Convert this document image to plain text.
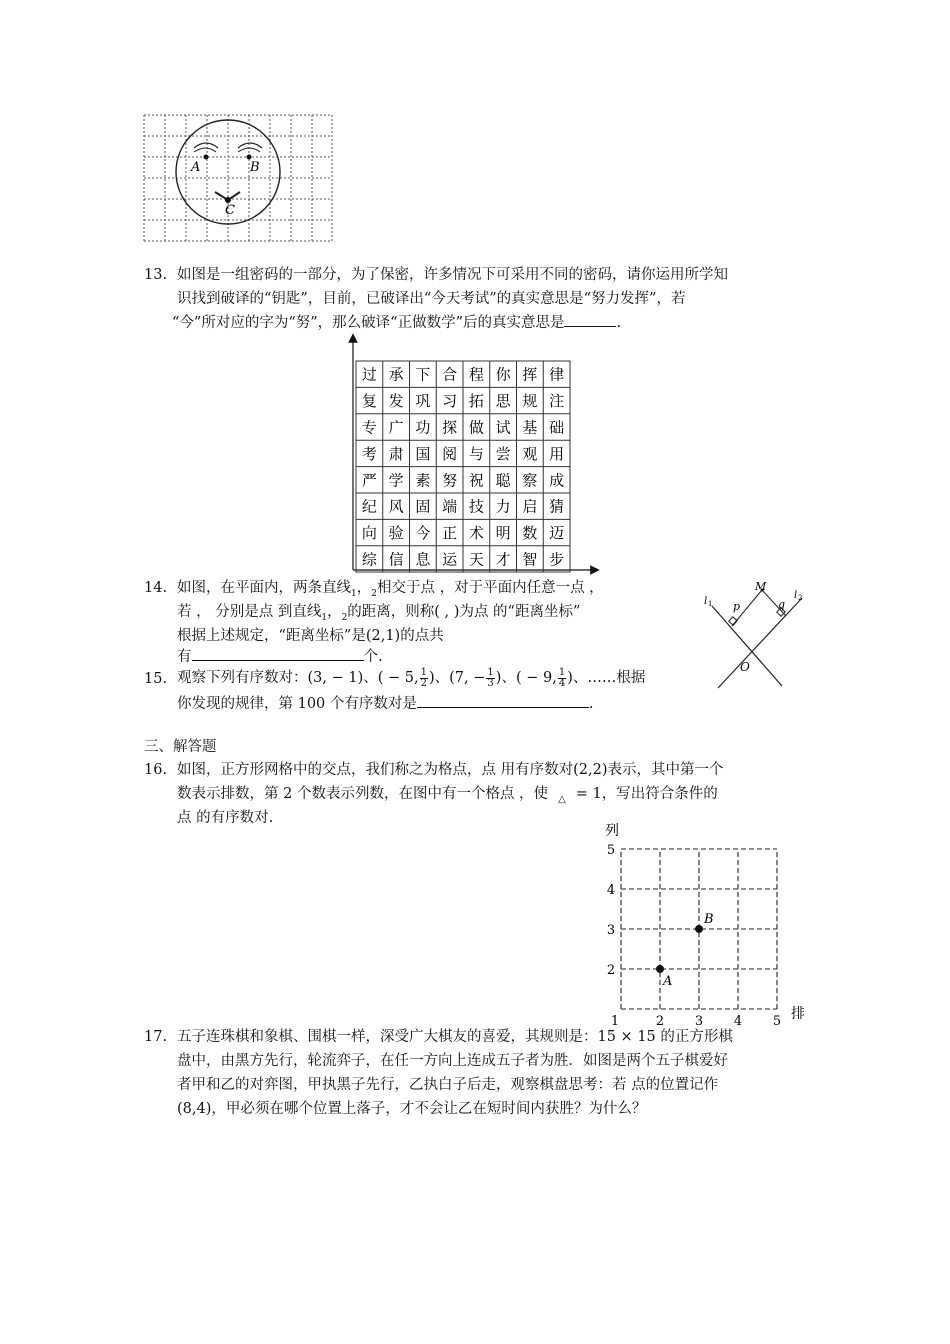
A	B
C
13. 如图是一组密码的一部分，为了保密，许多情况下可采用不同的密码，请你运用所学知
识找到破译的“钥匙”，目前，已破译出“今天考试”的真实意思是“努力发挥”，若
“今”所对应的字为“努”，那么破译“正做数学”后的真实意思是	.
过 承 下 合 程 你 挥 律
复 发 巩 习 拓 思 规 注
专 广 功 探 做 试 基 础
考 肃 国 阅 与 尝 观 用
严 学 素 努 祝 聪 察 成
纪 风 固 端 技 力 启 猜
向 验 今 正 术 明 数 迈
综 信 息 运 天 才 智 步
14. 如图，在平面内，两条直线$_1$，$_2$相交于点 ，对于平面内任意一点 ，
若 ， 分别是点 到直线$_1$，$_2$的距离，则称( , )为点 的“距离坐标”
根据上述规定，“距离坐标”是(2,1)的点共
有	个.
M
l 1
l 2
p	q
O
15. 观察下列有序数对：(3, − 1)、( − 5, $\frac{1}{2}$ )、(7, − $\frac{1}{3}$ )、( − 9, $\frac{1}{4}$ )、……根据
你发现的规律，第 100 个有序数对是	.
三、解答题
16. 如图，正方形网格中的交点，我们称之为格点，点 用有序数对(2,2)表示，其中第一个
数表示排数，第 2 个数表示列数，在图中有一个格点 ，使 $_\triangle$ = 1，写出符合条件的
点 的有序数对.
1	2 3 4 5
2
3
4
5
A
B
列
排
17. 五子连珠棋和象棋、围棋一样，深受广大棋友的喜爱，其规则是：15 × 15 的正方形棋
盘中，由黑方先行，轮流弈子，在任一方向上连成五子者为胜．如图是两个五子棋爱好
者甲和乙的对弈图，甲执黑子先行，乙执白子后走，观察棋盘思考：若 点的位置记作
(8,4)，甲必须在哪个位置上落子，才不会让乙在短时间内获胜？为什么？
